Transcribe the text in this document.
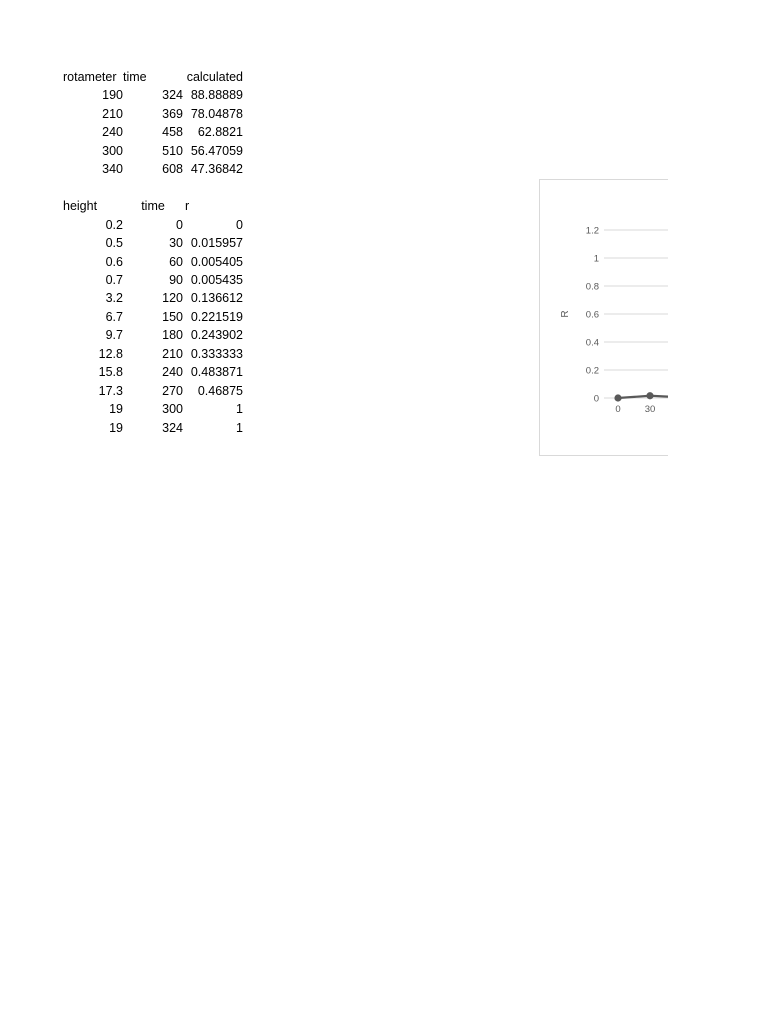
rotameter	time	calculated
190	324	88.88889
210	369	78.04878
240	458	62.8821
300	510	56.47059
340	608	47.36842

height	time	r
0.2	0	0
0.5	30	0.015957
0.6	60	0.005405
0.7	90	0.005435
3.2	120	0.136612
6.7	150	0.221519
9.7	180	0.243902
12.8	210	0.333333
15.8	240	0.483871
17.3	270	0.46875
19	300	1
19	324	1
0
0.2
0.4
0.6
0.8
1
1.2
0	30
R
